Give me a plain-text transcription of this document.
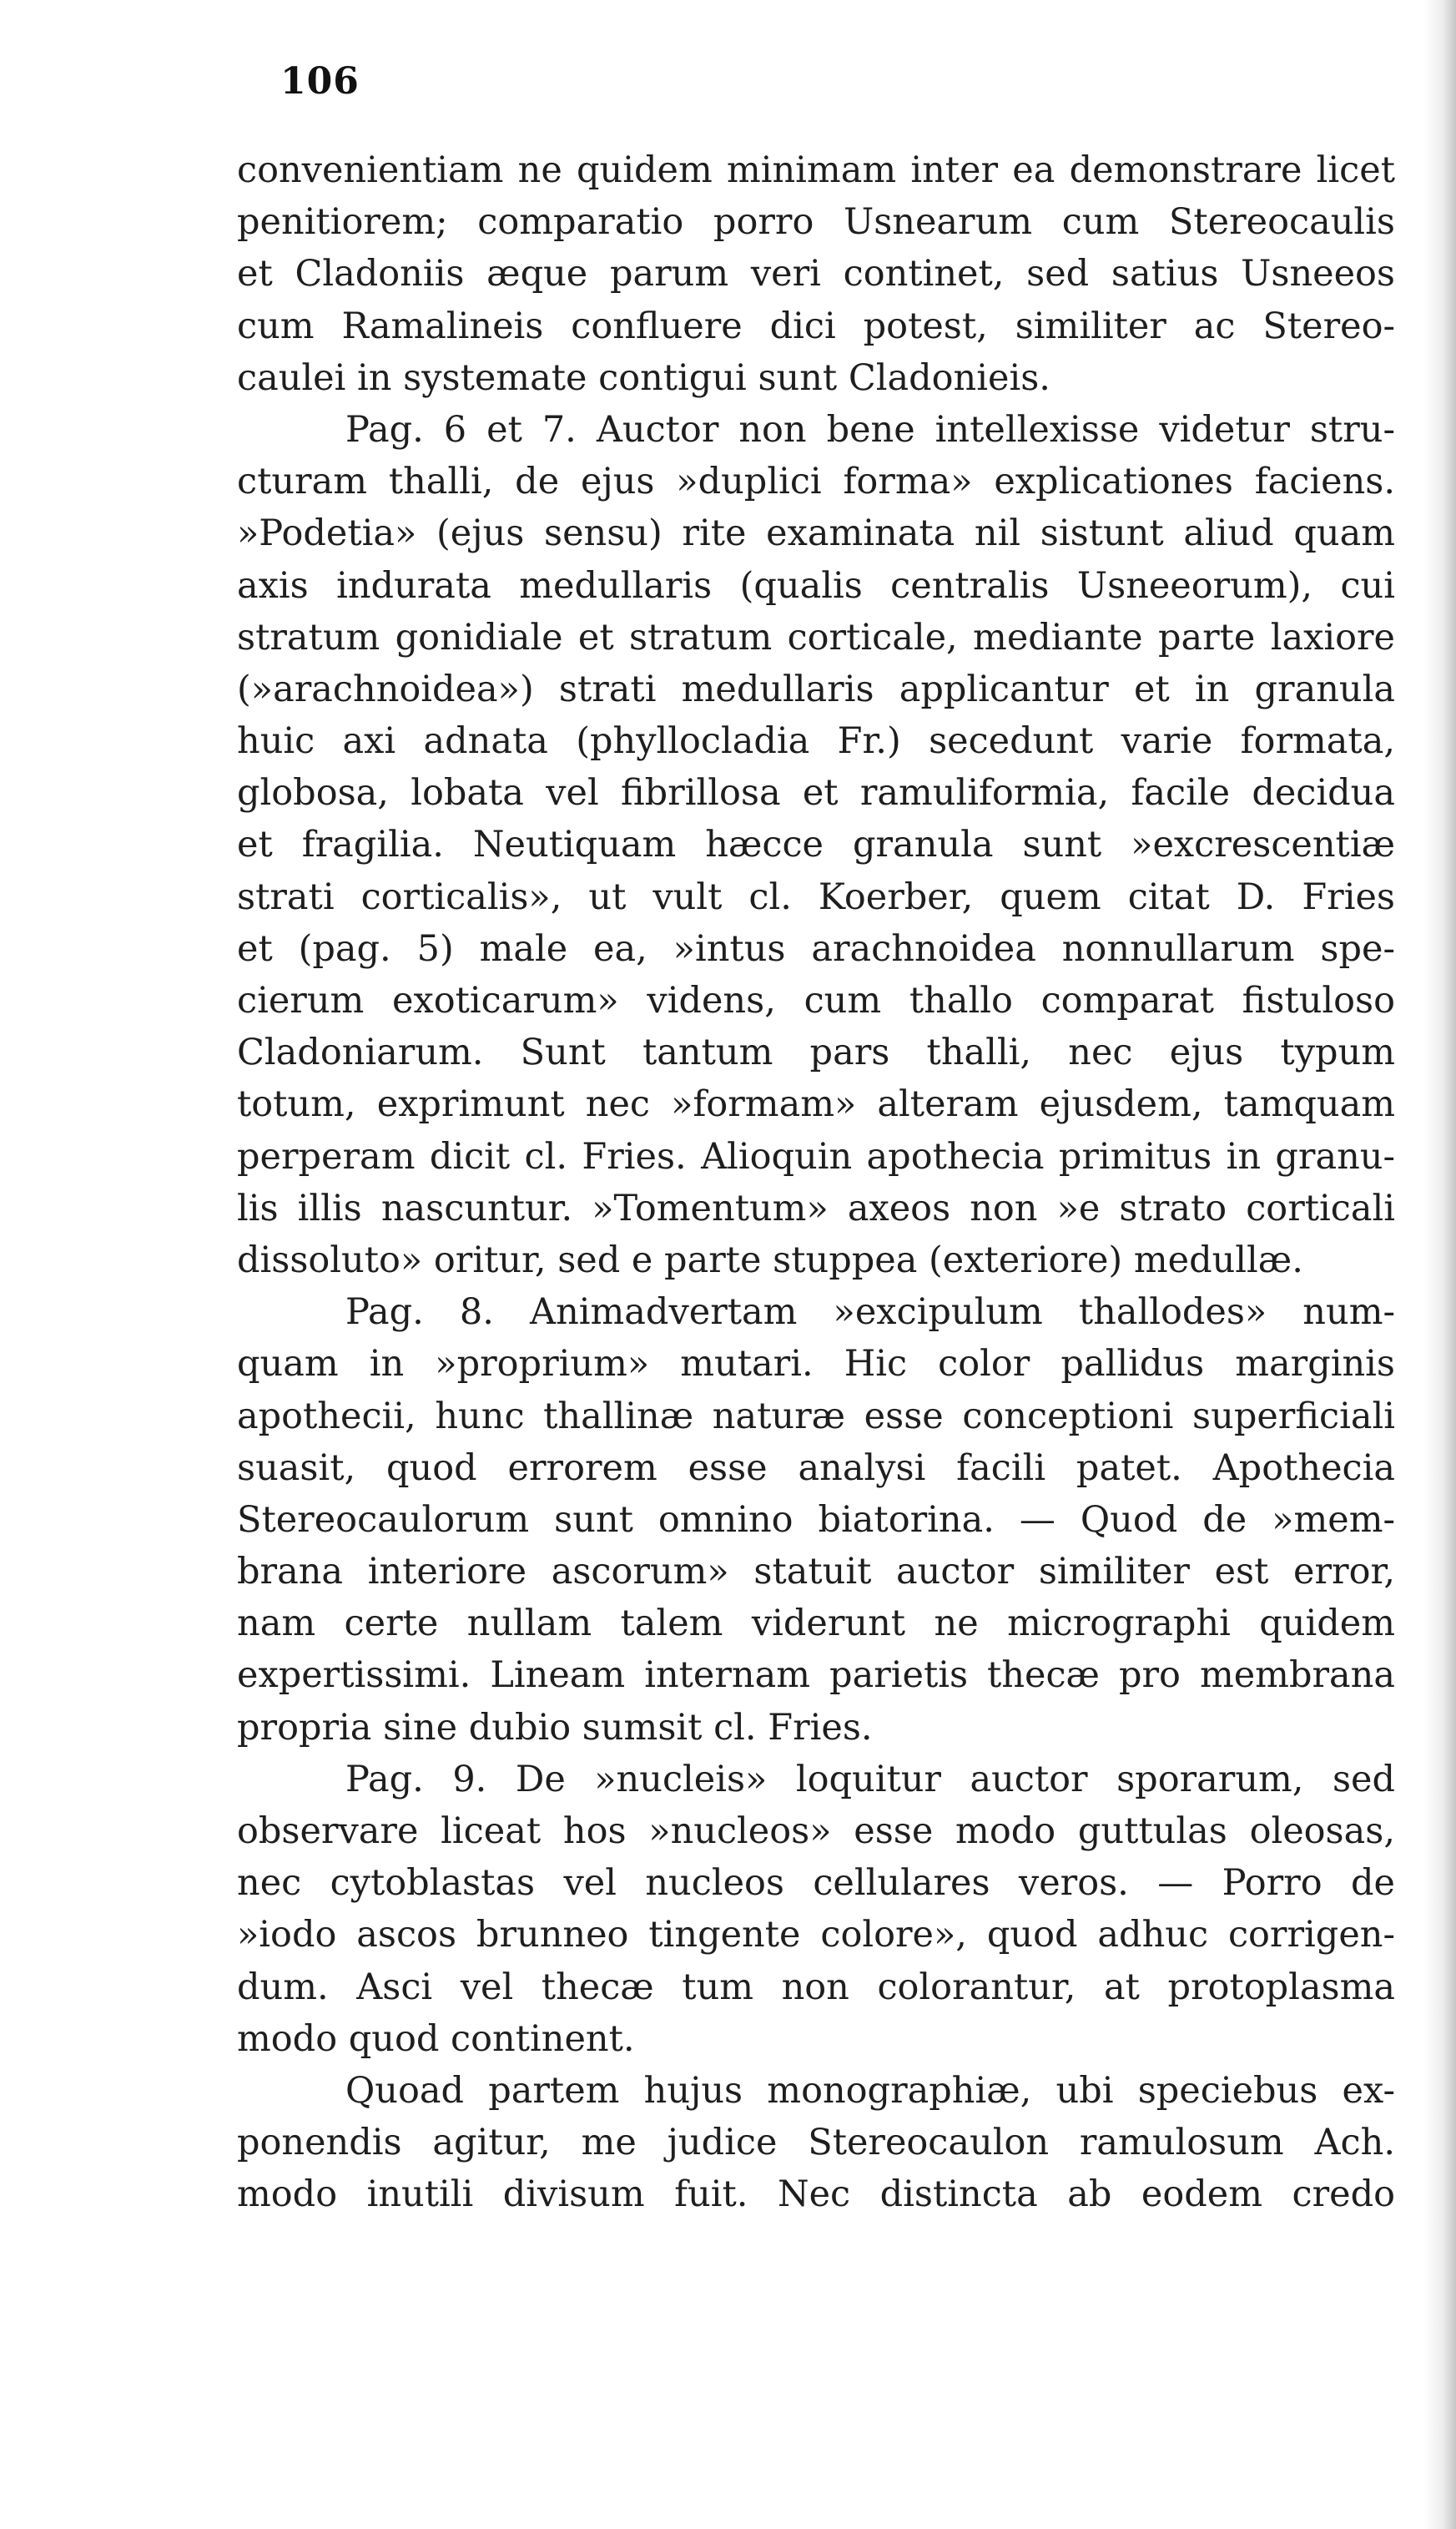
106
convenientiam ne quidem minimam inter ea demonstrare licet
penitiorem; comparatio porro Usnearum cum Stereocaulis
et Cladoniis æque parum veri continet, sed satius Usneeos
cum Ramalineis confluere dici potest, similiter ac Stereo-
caulei in systemate contigui sunt Cladonieis.
Pag. 6 et 7. Auctor non bene intellexisse videtur stru-
cturam thalli, de ejus »duplici forma» explicationes faciens.
»Podetia» (ejus sensu) rite examinata nil sistunt aliud quam
axis indurata medullaris (qualis centralis Usneeorum), cui
stratum gonidiale et stratum corticale, mediante parte laxiore
(»arachnoidea») strati medullaris applicantur et in granula
huic axi adnata (phyllocladia Fr.) secedunt varie formata,
globosa, lobata vel fibrillosa et ramuliformia, facile decidua
et fragilia. Neutiquam hæcce granula sunt »excrescentiæ
strati corticalis», ut vult cl. Koerber, quem citat D. Fries
et (pag. 5) male ea, »intus arachnoidea nonnullarum spe-
cierum exoticarum» videns, cum thallo comparat fistuloso
Cladoniarum. Sunt tantum pars thalli, nec ejus typum
totum, exprimunt nec »formam» alteram ejusdem, tamquam
perperam dicit cl. Fries. Alioquin apothecia primitus in granu-
lis illis nascuntur. »Tomentum» axeos non »e strato corticali
dissoluto» oritur, sed e parte stuppea (exteriore) medullæ.
Pag. 8. Animadvertam »excipulum thallodes» num-
quam in »proprium» mutari. Hic color pallidus marginis
apothecii, hunc thallinæ naturæ esse conceptioni superficiali
suasit, quod errorem esse analysi facili patet. Apothecia
Stereocaulorum sunt omnino biatorina. — Quod de »mem-
brana interiore ascorum» statuit auctor similiter est error,
nam certe nullam talem viderunt ne micrographi quidem
expertissimi. Lineam internam parietis thecæ pro membrana
propria sine dubio sumsit cl. Fries.
Pag. 9. De »nucleis» loquitur auctor sporarum, sed
observare liceat hos »nucleos» esse modo guttulas oleosas,
nec cytoblastas vel nucleos cellulares veros. — Porro de
»iodo ascos brunneo tingente colore», quod adhuc corrigen-
dum. Asci vel thecæ tum non colorantur, at protoplasma
modo quod continent.
Quoad partem hujus monographiæ, ubi speciebus ex-
ponendis agitur, me judice Stereocaulon ramulosum Ach.
modo inutili divisum fuit. Nec distincta ab eodem credo
